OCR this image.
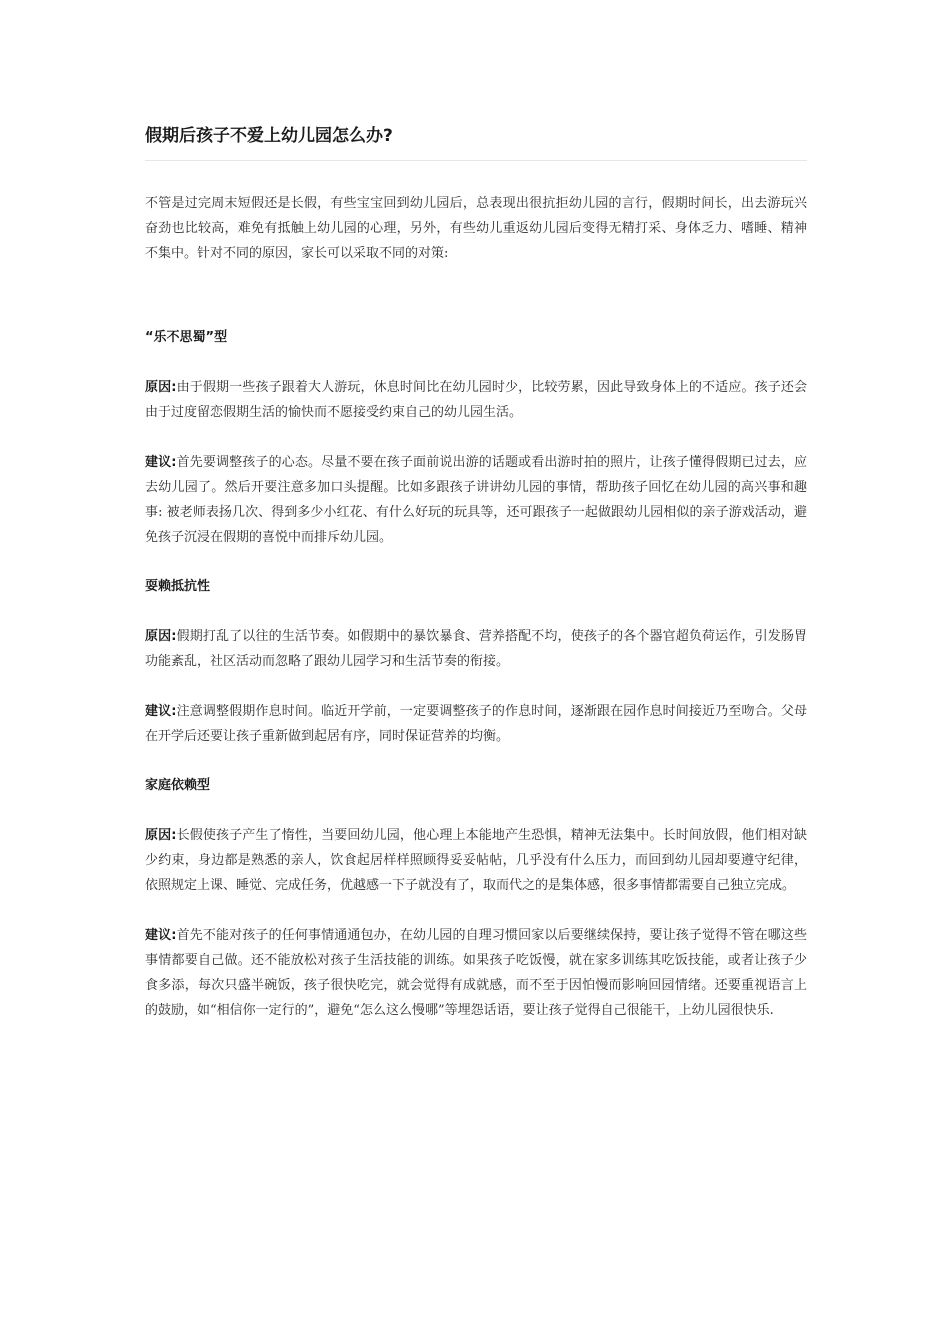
假期后孩子不爱上幼儿园怎么办?

不管是过完周末短假还是长假，有些宝宝回到幼儿园后，总表现出很抗拒幼儿园的言行，假期时间长，出去游玩兴奋劲也比较高，难免有抵触上幼儿园的心理，另外，有些幼儿重返幼儿园后变得无精打采、身体乏力、嗜睡、精神不集中。针对不同的原因，家长可以采取不同的对策:

“乐不思蜀”型

原因:由于假期一些孩子跟着大人游玩，休息时间比在幼儿园时少，比较劳累，因此导致身体上的不适应。孩子还会由于过度留恋假期生活的愉快而不愿接受约束自己的幼儿园生活。

建议:首先要调整孩子的心态。尽量不要在孩子面前说出游的话题或看出游时拍的照片，让孩子懂得假期已过去，应去幼儿园了。然后开要注意多加口头提醒。比如多跟孩子讲讲幼儿园的事情，帮助孩子回忆在幼儿园的高兴事和趣事: 被老师表扬几次、得到多少小红花、有什么好玩的玩具等，还可跟孩子一起做跟幼儿园相似的亲子游戏活动，避免孩子沉浸在假期的喜悦中而排斥幼儿园。

耍赖抵抗性

原因:假期打乱了以往的生活节奏。如假期中的暴饮暴食、营养搭配不均，使孩子的各个器官超负荷运作，引发肠胃功能紊乱，社区活动而忽略了跟幼儿园学习和生活节奏的衔接。

建议:注意调整假期作息时间。临近开学前，一定要调整孩子的作息时间，逐渐跟在园作息时间接近乃至吻合。父母在开学后还要让孩子重新做到起居有序，同时保证营养的均衡。

家庭依赖型

原因:长假使孩子产生了惰性，当要回幼儿园，他心理上本能地产生恐惧，精神无法集中。长时间放假，他们相对缺少约束，身边都是熟悉的亲人，饮食起居样样照顾得妥妥帖帖，几乎没有什么压力，而回到幼儿园却要遵守纪律，依照规定上课、睡觉、完成任务，优越感一下子就没有了，取而代之的是集体感，很多事情都需要自己独立完成。

建议:首先不能对孩子的任何事情通通包办，在幼儿园的自理习惯回家以后要继续保持，要让孩子觉得不管在哪这些事情都要自己做。还不能放松对孩子生活技能的训练。如果孩子吃饭慢，就在家多训练其吃饭技能，或者让孩子少食多添，每次只盛半碗饭，孩子很快吃完，就会觉得有成就感，而不至于因怕慢而影响回园情绪。还要重视语言上的鼓励，如“相信你一定行的”，避免“怎么这么慢哪”等埋怨话语，要让孩子觉得自己很能干，上幼儿园很快乐.
